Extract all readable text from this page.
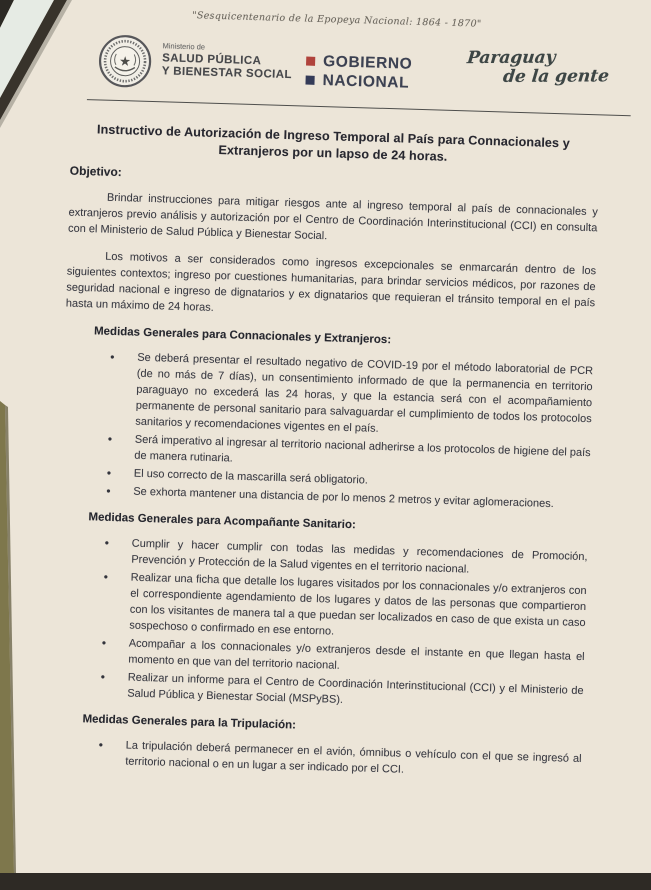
"Sesquicentenario de la Epopeya Nacional: 1864 - 1870"
★
Ministerio de
SALUD PÚBLICA
Y BIENESTAR SOCIAL
GOBIERNO
NACIONAL
Paraguay
de la gente
Instructivo de Autorización de Ingreso Temporal al País para Connacionales y Extranjeros por un lapso de 24 horas.
Objetivo:
Brindar instrucciones para mitigar riesgos ante al ingreso temporal al país de connacionales y extranjeros previo análisis y autorización por el Centro de Coordinación Interinstitucional (CCI) en consulta con el Ministerio de Salud Pública y Bienestar Social.
Los motivos a ser considerados como ingresos excepcionales se enmarcarán dentro de los siguientes contextos; ingreso por cuestiones humanitarias, para brindar servicios médicos, por razones de seguridad nacional e ingreso de dignatarios y ex dignatarios que requieran el tránsito temporal en el país hasta un máximo de 24 horas.
Medidas Generales para Connacionales y Extranjeros:
• Se deberá presentar el resultado negativo de COVID-19 por el método laboratorial de PCR (de no más de 7 días), un consentimiento informado de que la permanencia en territorio paraguayo no excederá las 24 horas, y que la estancia será con el acompañamiento permanente de personal sanitario para salvaguardar el cumplimiento de todos los protocolos sanitarios y recomendaciones vigentes en el país.
• Será imperativo al ingresar al territorio nacional adherirse a los protocolos de higiene del país de manera rutinaria.
• El uso correcto de la mascarilla será obligatorio.
• Se exhorta mantener una distancia de por lo menos 2 metros y evitar aglomeraciones.
Medidas Generales para Acompañante Sanitario:
• Cumplir y hacer cumplir con todas las medidas y recomendaciones de Promoción, Prevención y Protección de la Salud vigentes en el territorio nacional.
• Realizar una ficha que detalle los lugares visitados por los connacionales y/o extranjeros con el correspondiente agendamiento de los lugares y datos de las personas que compartieron con los visitantes de manera tal a que puedan ser localizados en caso de que exista un caso sospechoso o confirmado en ese entorno.
• Acompañar a los connacionales y/o extranjeros desde el instante en que llegan hasta el momento en que van del territorio nacional.
• Realizar un informe para el Centro de Coordinación Interinstitucional (CCI) y el Ministerio de Salud Pública y Bienestar Social (MSPyBS).
Medidas Generales para la Tripulación:
• La tripulación deberá permanecer en el avión, ómnibus o vehículo con el que se ingresó al territorio nacional o en un lugar a ser indicado por el CCI.
